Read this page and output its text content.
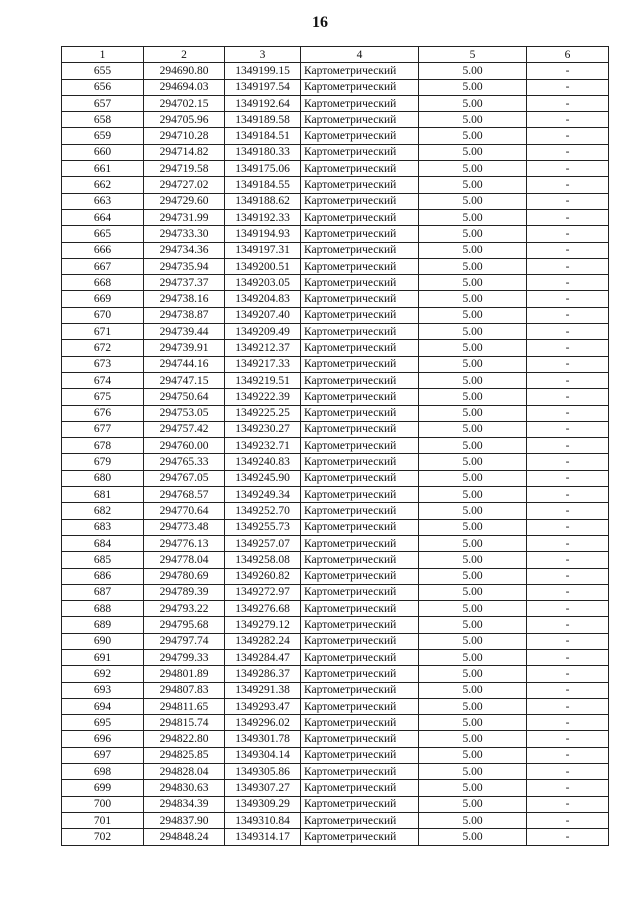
16
1	2	3	4	5	6
655	294690.80	1349199.15	Картометрический	5.00	-
656	294694.03	1349197.54	Картометрический	5.00	-
657	294702.15	1349192.64	Картометрический	5.00	-
658	294705.96	1349189.58	Картометрический	5.00	-
659	294710.28	1349184.51	Картометрический	5.00	-
660	294714.82	1349180.33	Картометрический	5.00	-
661	294719.58	1349175.06	Картометрический	5.00	-
662	294727.02	1349184.55	Картометрический	5.00	-
663	294729.60	1349188.62	Картометрический	5.00	-
664	294731.99	1349192.33	Картометрический	5.00	-
665	294733.30	1349194.93	Картометрический	5.00	-
666	294734.36	1349197.31	Картометрический	5.00	-
667	294735.94	1349200.51	Картометрический	5.00	-
668	294737.37	1349203.05	Картометрический	5.00	-
669	294738.16	1349204.83	Картометрический	5.00	-
670	294738.87	1349207.40	Картометрический	5.00	-
671	294739.44	1349209.49	Картометрический	5.00	-
672	294739.91	1349212.37	Картометрический	5.00	-
673	294744.16	1349217.33	Картометрический	5.00	-
674	294747.15	1349219.51	Картометрический	5.00	-
675	294750.64	1349222.39	Картометрический	5.00	-
676	294753.05	1349225.25	Картометрический	5.00	-
677	294757.42	1349230.27	Картометрический	5.00	-
678	294760.00	1349232.71	Картометрический	5.00	-
679	294765.33	1349240.83	Картометрический	5.00	-
680	294767.05	1349245.90	Картометрический	5.00	-
681	294768.57	1349249.34	Картометрический	5.00	-
682	294770.64	1349252.70	Картометрический	5.00	-
683	294773.48	1349255.73	Картометрический	5.00	-
684	294776.13	1349257.07	Картометрический	5.00	-
685	294778.04	1349258.08	Картометрический	5.00	-
686	294780.69	1349260.82	Картометрический	5.00	-
687	294789.39	1349272.97	Картометрический	5.00	-
688	294793.22	1349276.68	Картометрический	5.00	-
689	294795.68	1349279.12	Картометрический	5.00	-
690	294797.74	1349282.24	Картометрический	5.00	-
691	294799.33	1349284.47	Картометрический	5.00	-
692	294801.89	1349286.37	Картометрический	5.00	-
693	294807.83	1349291.38	Картометрический	5.00	-
694	294811.65	1349293.47	Картометрический	5.00	-
695	294815.74	1349296.02	Картометрический	5.00	-
696	294822.80	1349301.78	Картометрический	5.00	-
697	294825.85	1349304.14	Картометрический	5.00	-
698	294828.04	1349305.86	Картометрический	5.00	-
699	294830.63	1349307.27	Картометрический	5.00	-
700	294834.39	1349309.29	Картометрический	5.00	-
701	294837.90	1349310.84	Картометрический	5.00	-
702	294848.24	1349314.17	Картометрический	5.00	-
